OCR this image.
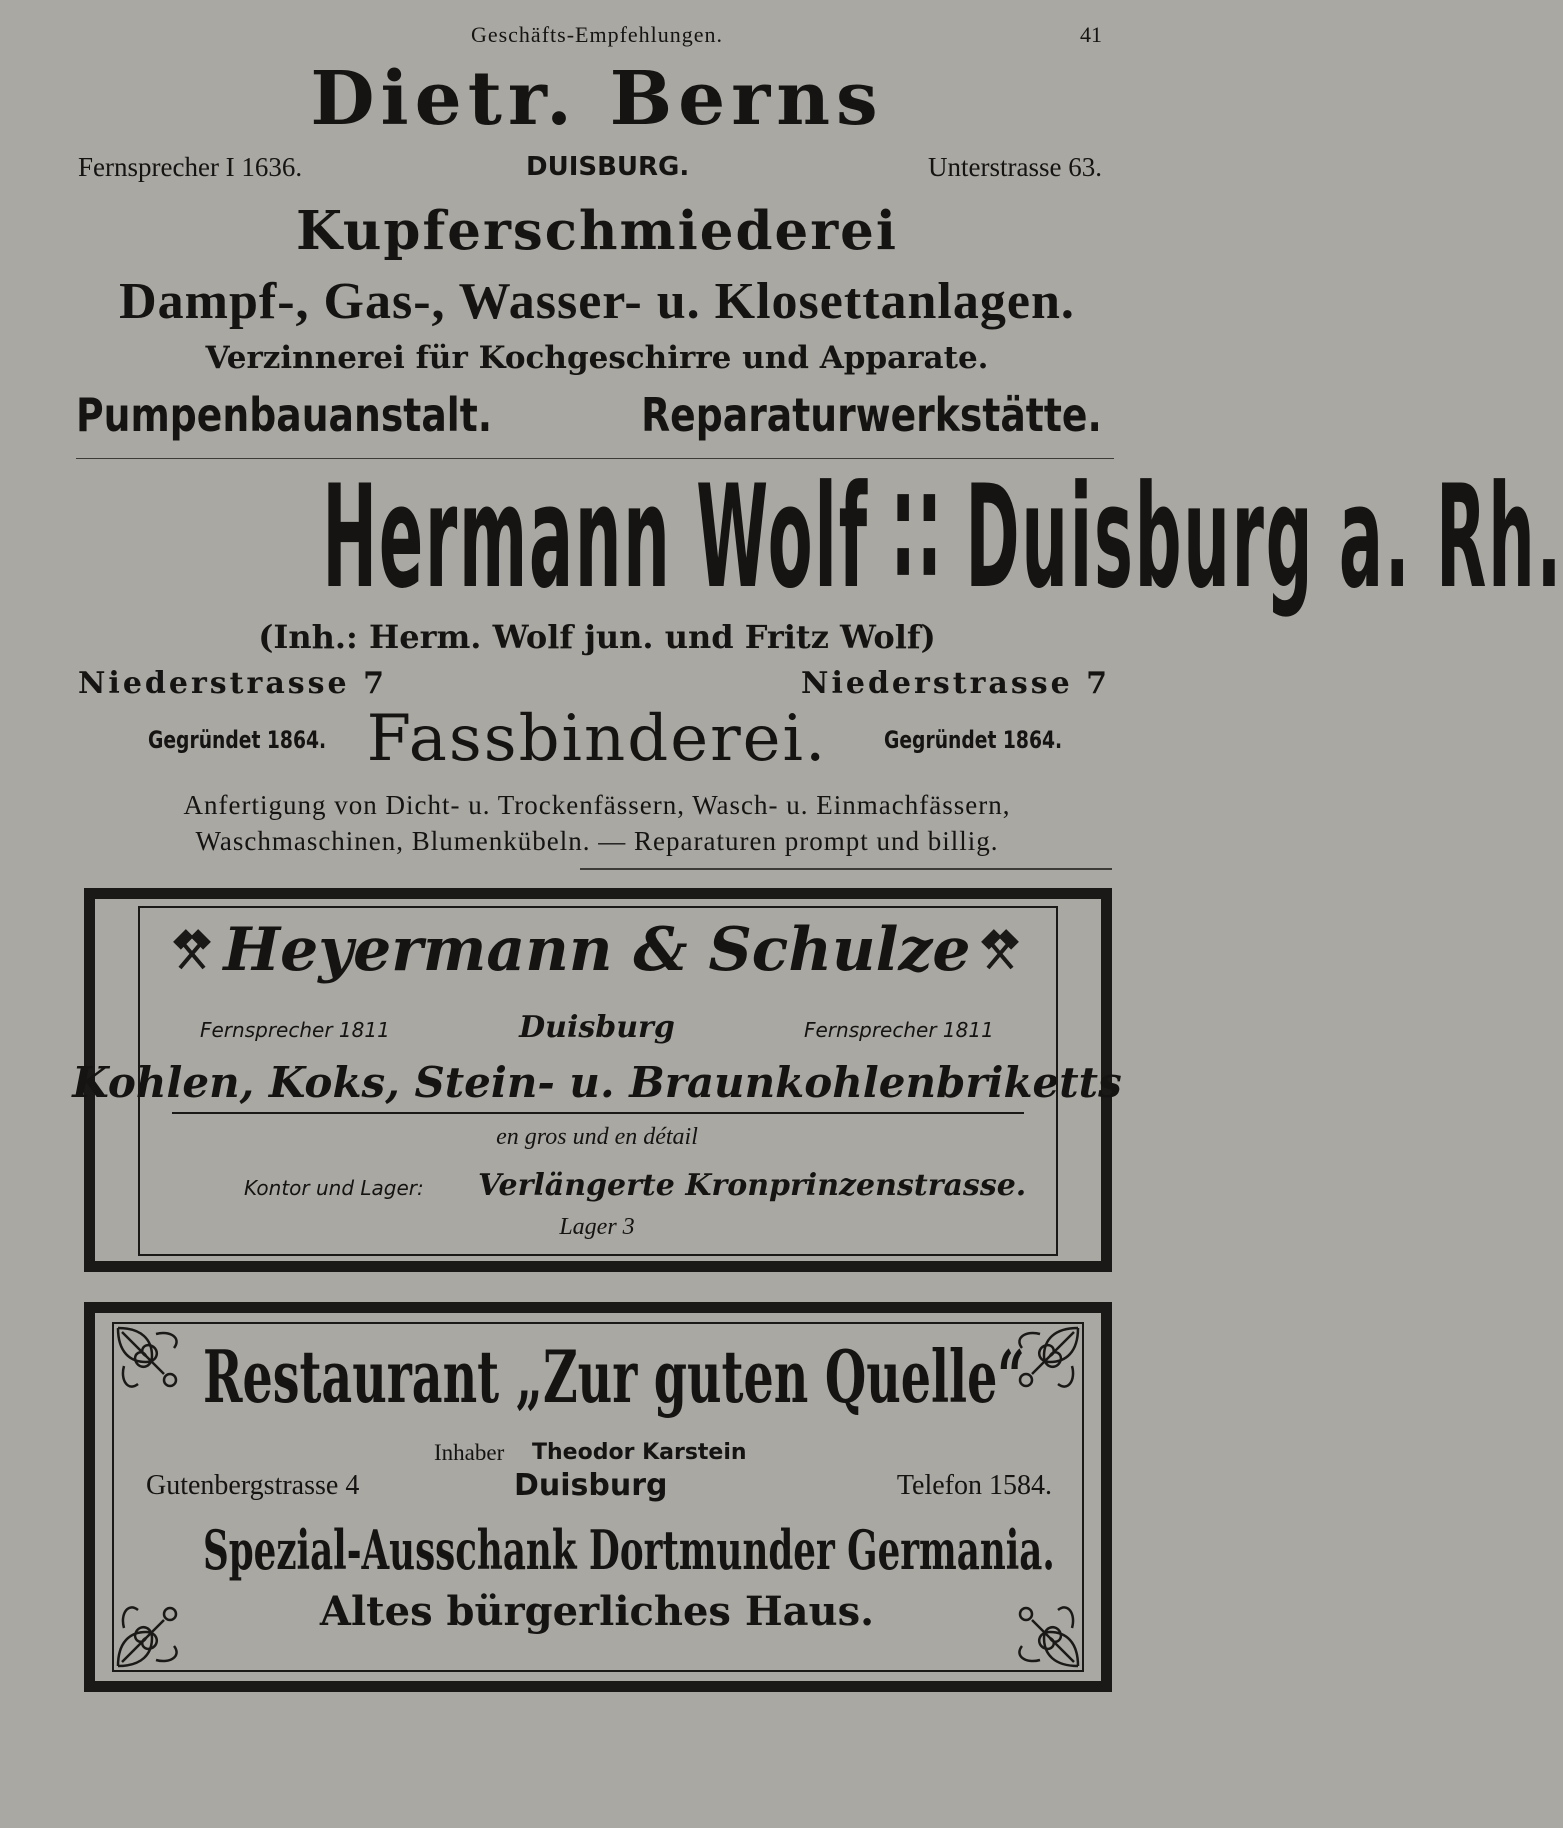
Geschäfts-Empfehlungen.	41
Dietr. Berns
Fernsprecher I 1636.	DUISBURG.	Unterstrasse 63.
Kupferschmiederei
Dampf-, Gas-, Wasser- u. Klosettanlagen.
Verzinnerei für Kochgeschirre und Apparate.
Pumpenbauanstalt.	Reparaturwerkstätte.
Hermann Wolf ∷ Duisburg a. Rh.
(Inh.: Herm. Wolf jun. und Fritz Wolf)
Niederstrasse 7	Niederstrasse 7
Gegründet 1864. Fassbinderei.	Gegründet 1864.
Anfertigung von Dicht- u. Trockenfässern, Wasch- u. Einmachfässern,
Waschmaschinen, Blumenkübeln. — Reparaturen prompt und billig.
Heyermann & Schulze
Fernsprecher 1811	Duisburg	Fernsprecher 1811
Kohlen, Koks, Stein- u. Braunkohlenbriketts
en gros und en détail
Kontor und Lager: Verlängerte Kronprinzenstrasse.
Lager 3
Restaurant „Zur guten Quelle“
Inhaber Theodor Karstein
Gutenbergstrasse 4	Duisburg	Telefon 1584.
Spezial-Ausschank Dortmunder Germania.
Altes bürgerliches Haus.
